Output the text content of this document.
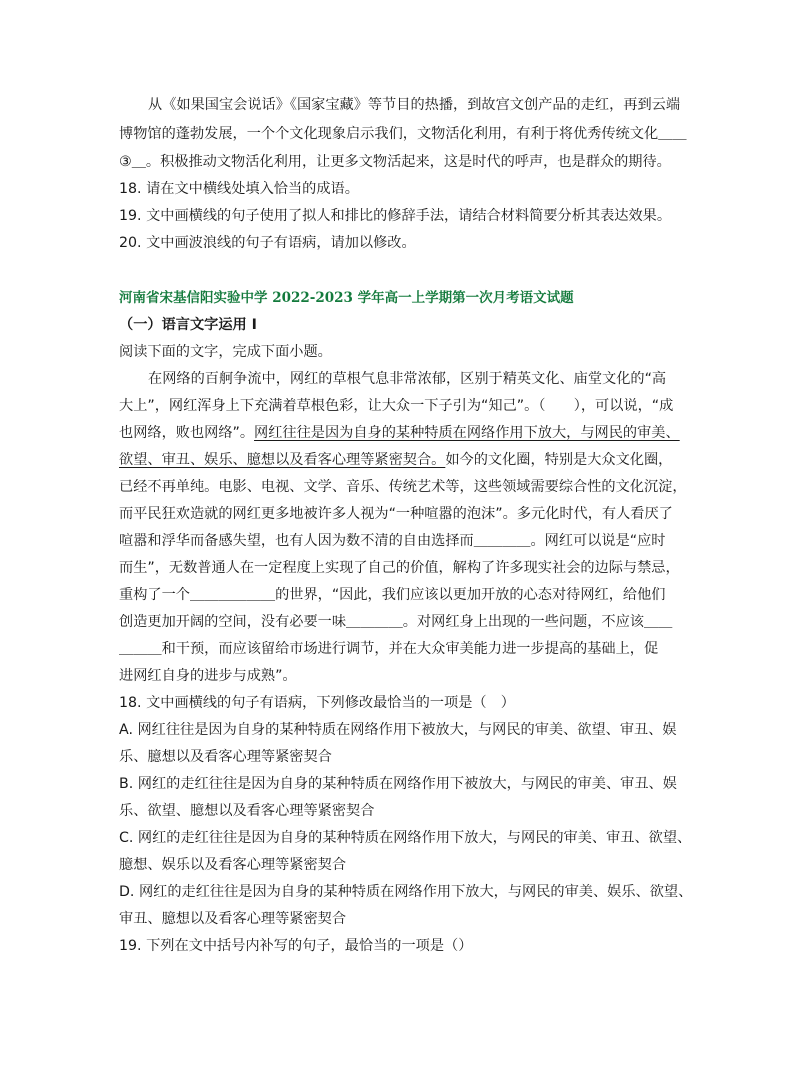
从《如果国宝会说话》《国家宝藏》等节目的热播，到故宫文创产品的走红，再到云端
博物馆的蓬勃发展，一个个文化现象启示我们，文物活化利用，有利于将优秀传统文化＿＿
③＿。积极推动文物活化利用，让更多文物活起来，这是时代的呼声，也是群众的期待。
18. 请在文中横线处填入恰当的成语。
19. 文中画横线的句子使用了拟人和排比的修辞手法，请结合材料简要分析其表达效果。
20. 文中画波浪线的句子有语病，请加以修改。
河南省宋基信阳实验中学 2022-2023 学年高一上学期第一次月考语文试题
（一）语言文字运用 I
阅读下面的文字，完成下面小题。
在网络的百舸争流中，网红的草根气息非常浓郁，区别于精英文化、庙堂文化的“高
大上”，网红浑身上下充满着草根色彩，让大众一下子引为“知己”。（　　），可以说，“成
也网络，败也网络”。网红往往是因为自身的某种特质在网络作用下放大，与网民的审美、
欲望、审丑、娱乐、臆想以及看客心理等紧密契合。如今的文化圈，特别是大众文化圈，
已经不再单纯。电影、电视、文学、音乐、传统艺术等，这些领域需要综合性的文化沉淀，
而平民狂欢造就的网红更多地被许多人视为“一种喧嚣的泡沫”。多元化时代，有人看厌了
喧嚣和浮华而备感失望，也有人因为数不清的自由选择而＿＿＿＿。网红可以说是“应时
而生”，无数普通人在一定程度上实现了自己的价值，解构了许多现实社会的边际与禁忌，
重构了一个＿＿＿＿＿＿的世界，“因此，我们应该以更加开放的心态对待网红，给他们
创造更加开阔的空间，没有必要一味＿＿＿＿。对网红身上出现的一些问题，不应该＿＿
＿＿＿和干预，而应该留给市场进行调节，并在大众审美能力进一步提高的基础上，促
进网红自身的进步与成熟”。
18. 文中画横线的句子有语病，下列修改最恰当的一项是（　）
A. 网红往往是因为自身的某种特质在网络作用下被放大，与网民的审美、欲望、审丑、娱
乐、臆想以及看客心理等紧密契合
B. 网红的走红往往是因为自身的某种特质在网络作用下被放大，与网民的审美、审丑、娱
乐、欲望、臆想以及看客心理等紧密契合
C. 网红的走红往往是因为自身的某种特质在网络作用下放大，与网民的审美、审丑、欲望、
臆想、娱乐以及看客心理等紧密契合
D. 网红的走红往往是因为自身的某种特质在网络作用下放大，与网民的审美、娱乐、欲望、
审丑、臆想以及看客心理等紧密契合
19. 下列在文中括号内补写的句子，最恰当的一项是（）
